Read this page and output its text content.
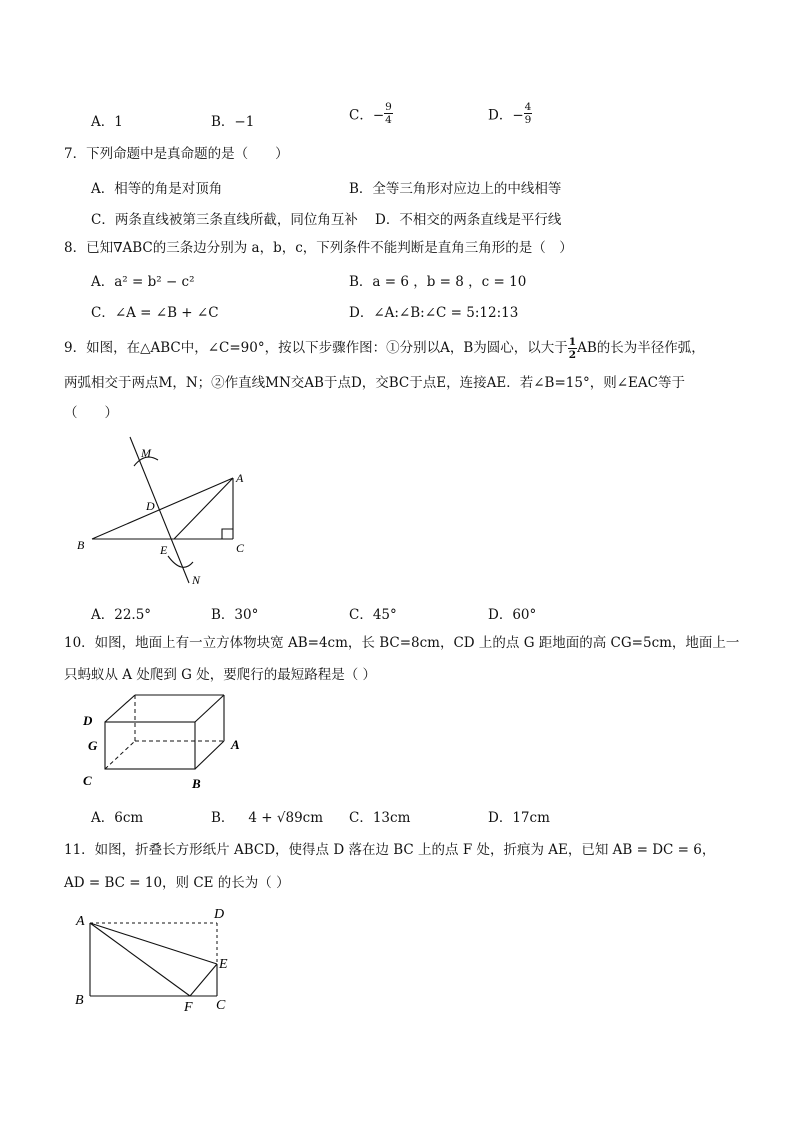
A．1	B．−1	C．− $\frac{9}{4}$	D．− $\frac{4}{9}$
7．下列命题中是真命题的是（　　）
A．相等的角是对顶角	B．全等三角形对应边上的中线相等
C．两条直线被第三条直线所截，同位角互补 D．不相交的两条直线是平行线
8．已知∇ABC的三条边分别为 a，b，c，下列条件不能判断是直角三角形的是（　）
A．a² = b² − c²	B．a = 6 ，b = 8 ，c = 10
C．∠A = ∠B + ∠C	D．∠A:∠B:∠C = 5:12:13
9．如图，在△ABC中，∠C=90°，按以下步骤作图：①分别以A，B为圆心，以大于 $\frac{1}{2}$ AB的长为半径作弧，
两弧相交于两点M，N；②作直线MN交AB于点D，交BC于点E，连接AE．若∠B=15°，则∠EAC等于
（　　）
M
A
D
B	E	C
N
A．22.5°	B．30°	C．45°	D．60°
10．如图，地面上有一立方体物块宽 AB=4cm，长 BC=8cm，CD 上的点 G 距地面的高 CG=5cm，地面上一
只蚂蚁从 A 处爬到 G 处，要爬行的最短路程是（ ）
D
G	A
C	B
A．6cm	B． 4 + √89cm C．13cm	D．17cm
11．如图，折叠长方形纸片 ABCD，使得点 D 落在边 BC 上的点 F 处，折痕为 AE，已知 AB = DC = 6，
AD = BC = 10，则 CE 的长为（ ）
A	D
E
B	F C
